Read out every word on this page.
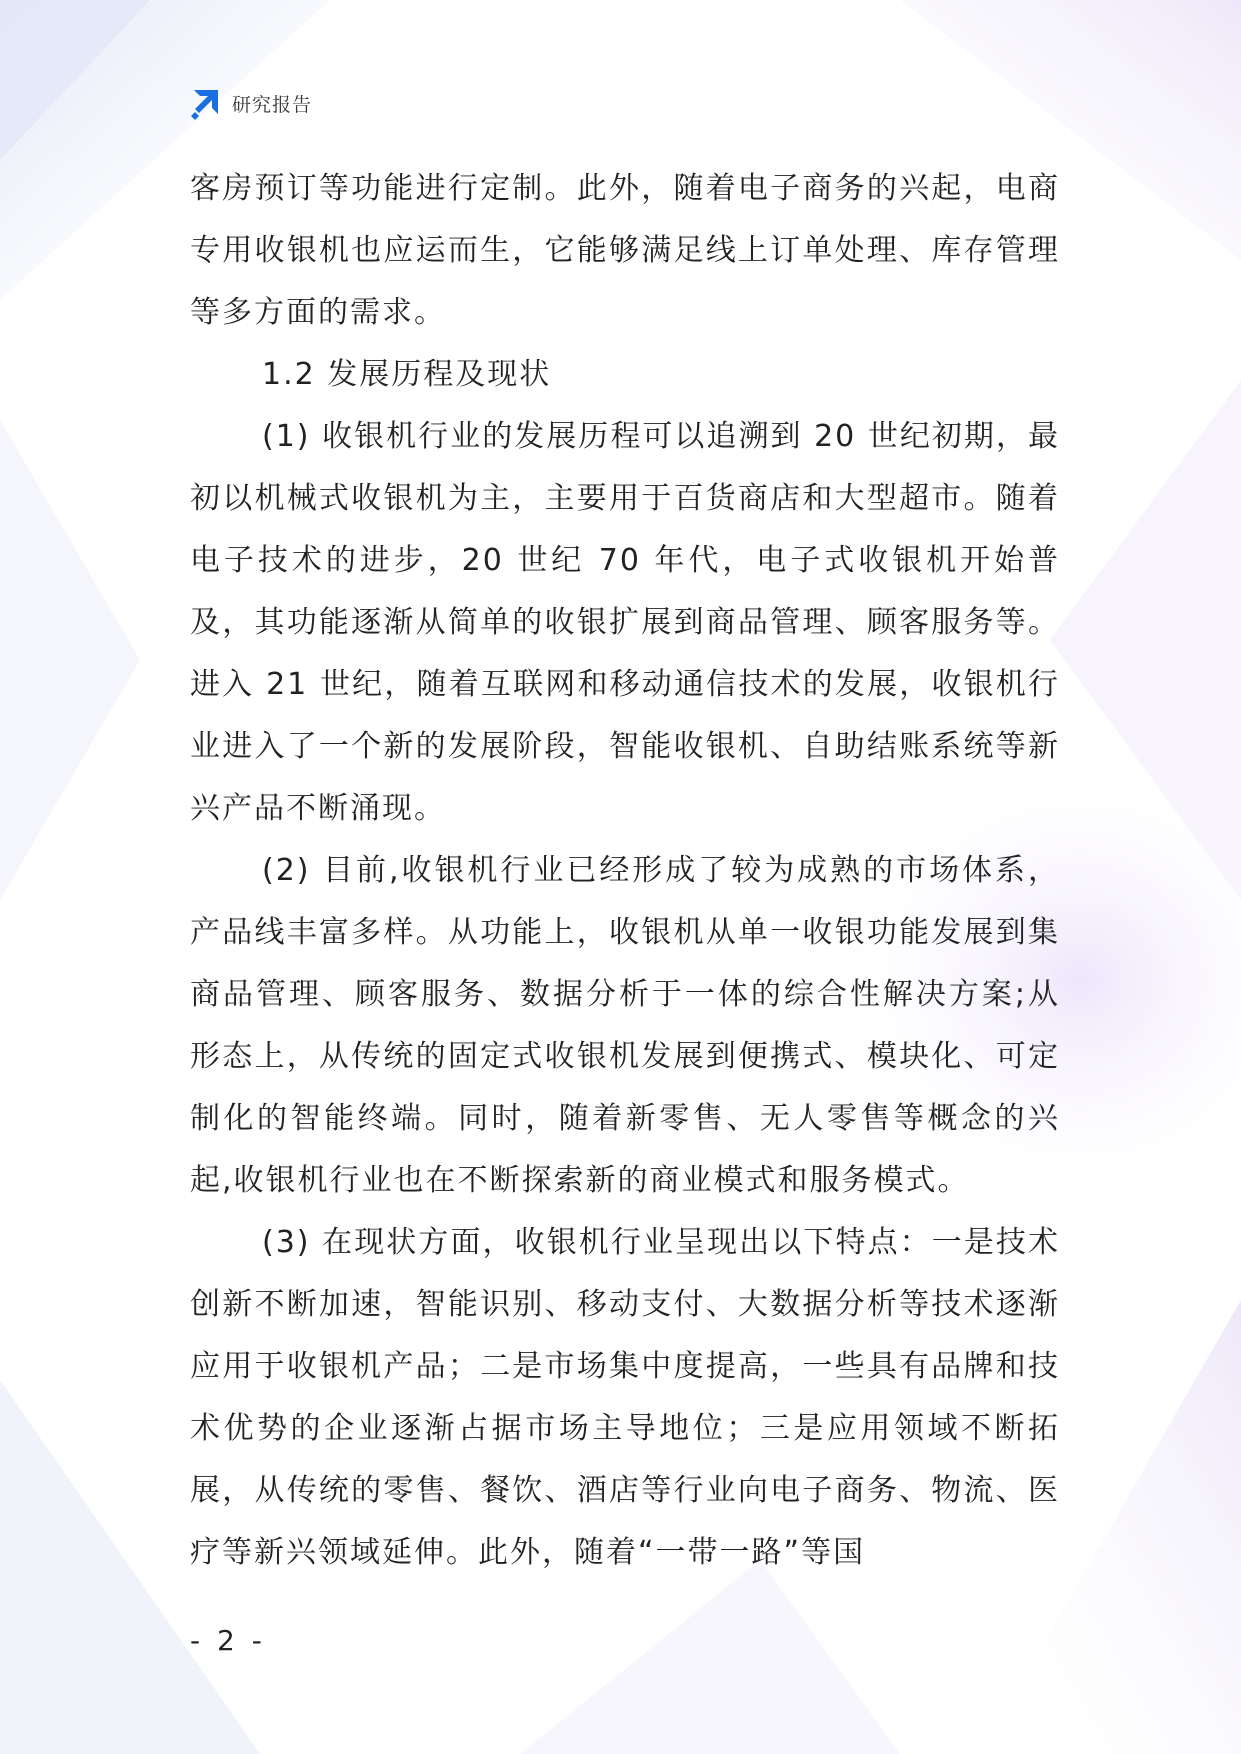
研究报告

客房预订等功能进行定制。此外，随着电子商务的兴起，电商专用收银机也应运而生，它能够满足线上订单处理、库存管理等多方面的需求。

1.2 发展历程及现状

(1) 收银机行业的发展历程可以追溯到 20 世纪初期，最初以机械式收银机为主，主要用于百货商店和大型超市。随着电子技术的进步，20 世纪 70 年代，电子式收银机开始普及，其功能逐渐从简单的收银扩展到商品管理、顾客服务等。进入 21 世纪，随着互联网和移动通信技术的发展，收银机行业进入了一个新的发展阶段，智能收银机、自助结账系统等新兴产品不断涌现。

(2) 目前,收银机行业已经形成了较为成熟的市场体系，产品线丰富多样。从功能上，收银机从单一收银功能发展到集商品管理、顾客服务、数据分析于一体的综合性解决方案;从形态上，从传统的固定式收银机发展到便携式、模块化、可定制化的智能终端。同时，随着新零售、无人零售等概念的兴起,收银机行业也在不断探索新的商业模式和服务模式。

(3) 在现状方面，收银机行业呈现出以下特点：一是技术创新不断加速，智能识别、移动支付、大数据分析等技术逐渐应用于收银机产品；二是市场集中度提高，一些具有品牌和技术优势的企业逐渐占据市场主导地位；三是应用领域不断拓展，从传统的零售、餐饮、酒店等行业向电子商务、物流、医疗等新兴领域延伸。此外，随着“一带一路”等国

- 2 -
